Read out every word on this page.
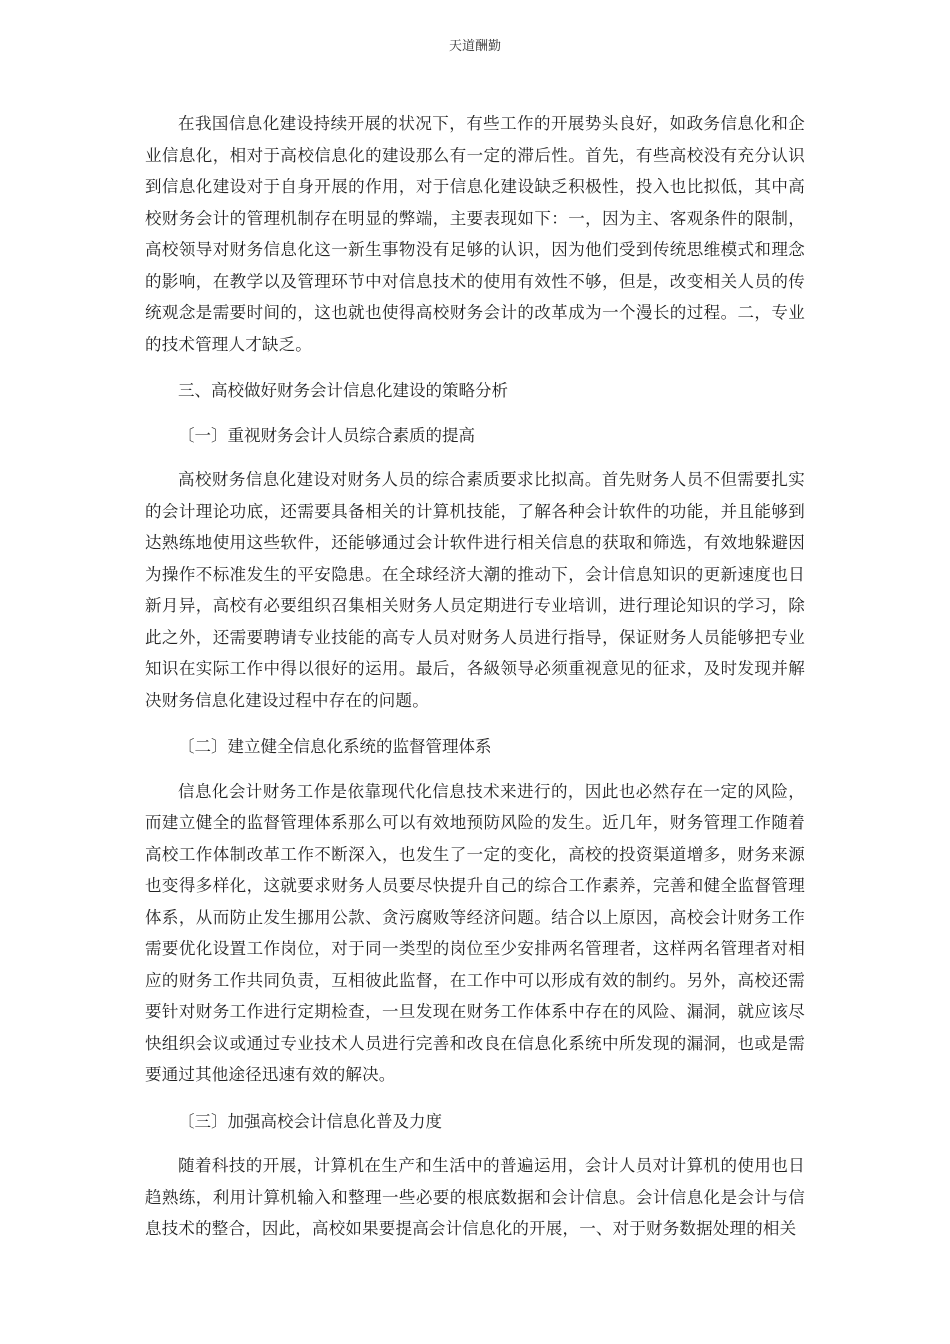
天道酬勤

在我国信息化建设持续开展的状况下，有些工作的开展势头良好，如政务信息化和企业信息化，相对于高校信息化的建设那么有一定的滞后性。首先，有些高校没有充分认识到信息化建设对于自身开展的作用，对于信息化建设缺乏积极性，投入也比拟低，其中高校财务会计的管理机制存在明显的弊端，主要表现如下：一，因为主、客观条件的限制，高校领导对财务信息化这一新生事物没有足够的认识，因为他们受到传统思维模式和理念的影响，在教学以及管理环节中对信息技术的使用有效性不够，但是，改变相关人员的传统观念是需要时间的，这也就也使得高校财务会计的改革成为一个漫长的过程。二，专业的技术管理人才缺乏。

三、高校做好财务会计信息化建设的策略分析

〔一〕重视财务会计人员综合素质的提高

高校财务信息化建设对财务人员的综合素质要求比拟高。首先财务人员不但需要扎实的会计理论功底，还需要具备相关的计算机技能，了解各种会计软件的功能，并且能够到达熟练地使用这些软件，还能够通过会计软件进行相关信息的获取和筛选，有效地躲避因为操作不标准发生的平安隐患。在全球经济大潮的推动下，会计信息知识的更新速度也日新月异，高校有必要组织召集相关财务人员定期进行专业培训，进行理论知识的学习，除此之外，还需要聘请专业技能的高专人员对财务人员进行指导，保证财务人员能够把专业知识在实际工作中得以很好的运用。最后，各級领导必须重视意见的征求，及时发现并解决财务信息化建设过程中存在的问题。

〔二〕建立健全信息化系统的监督管理体系

信息化会计财务工作是依靠现代化信息技术来进行的，因此也必然存在一定的风险，而建立健全的监督管理体系那么可以有效地预防风险的发生。近几年，财务管理工作随着高校工作体制改革工作不断深入，也发生了一定的变化，高校的投资渠道增多，财务来源也变得多样化，这就要求财务人员要尽快提升自己的综合工作素养，完善和健全监督管理体系，从而防止发生挪用公款、贪污腐败等经济问题。结合以上原因，高校会计财务工作需要优化设置工作岗位，对于同一类型的岗位至少安排两名管理者，这样两名管理者对相应的财务工作共同负责，互相彼此监督，在工作中可以形成有效的制约。另外，高校还需要针对财务工作进行定期检查，一旦发现在财务工作体系中存在的风险、漏洞，就应该尽快组织会议或通过专业技术人员进行完善和改良在信息化系统中所发现的漏洞，也或是需要通过其他途径迅速有效的解决。

〔三〕加强高校会计信息化普及力度

随着科技的开展，计算机在生产和生活中的普遍运用，会计人员对计算机的使用也日趋熟练，利用计算机输入和整理一些必要的根底数据和会计信息。会计信息化是会计与信息技术的整合，因此，高校如果要提高会计信息化的开展，一、对于财务数据处理的相关
